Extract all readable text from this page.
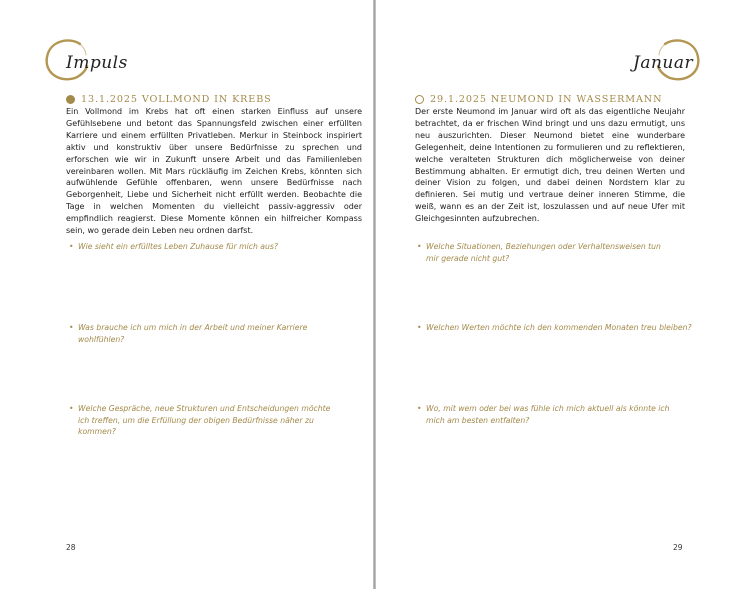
Impuls
13.1.2025 VOLLMOND IN KREBS
Ein Vollmond im Krebs hat oft einen starken Einfluss auf unsere Gefühlsebene und betont das Spannungsfeld zwischen einer erfüllten Karriere und einem erfüllten Privatleben. Merkur in Steinbock inspiriert aktiv und konstruktiv über unsere Bedürfnisse zu sprechen und erforschen wie wir in Zukunft unsere Arbeit und das Familienleben vereinbaren wollen. Mit Mars rückläufig im Zeichen Krebs, könnten sich aufwühlende Gefühle offenbaren, wenn unsere Bedürfnisse nach Geborgenheit, Liebe und Sicherheit nicht erfüllt werden. Beobachte die Tage in welchen Momenten du vielleicht passiv-aggressiv oder empfindlich reagierst. Diese Momente können ein hilfreicher Kompass sein, wo gerade dein Leben neu ordnen darfst.
• Wie sieht ein erfülltes Leben Zuhause für mich aus?
• Was brauche ich um mich in der Arbeit und meiner Karriere wohlfühlen?
• Welche Gespräche, neue Strukturen und Entscheidungen möchte ich treffen, um die Erfüllung der obigen Bedürfnisse näher zu kommen?
28
Januar
29.1.2025 NEUMOND IN WASSERMANN
Der erste Neumond im Januar wird oft als das eigentliche Neujahr betrachtet, da er frischen Wind bringt und uns dazu ermutigt, uns neu auszurichten. Dieser Neumond bietet eine wunderbare Gelegenheit, deine Intentionen zu formulieren und zu reflektieren, welche veralteten Strukturen dich möglicherweise von deiner Bestimmung abhalten. Er ermutigt dich, treu deinen Werten und deiner Vision zu folgen, und dabei deinen Nordstern klar zu definieren. Sei mutig und vertraue deiner inneren Stimme, die weiß, wann es an der Zeit ist, loszulassen und auf neue Ufer mit Gleichgesinnten aufzubrechen.
• Welche Situationen, Beziehungen oder Verhaltensweisen tun mir gerade nicht gut?
• Welchen Werten möchte ich den kommenden Monaten treu bleiben?
• Wo, mit wem oder bei was fühle ich mich aktuell als könnte ich mich am besten entfalten?
29
